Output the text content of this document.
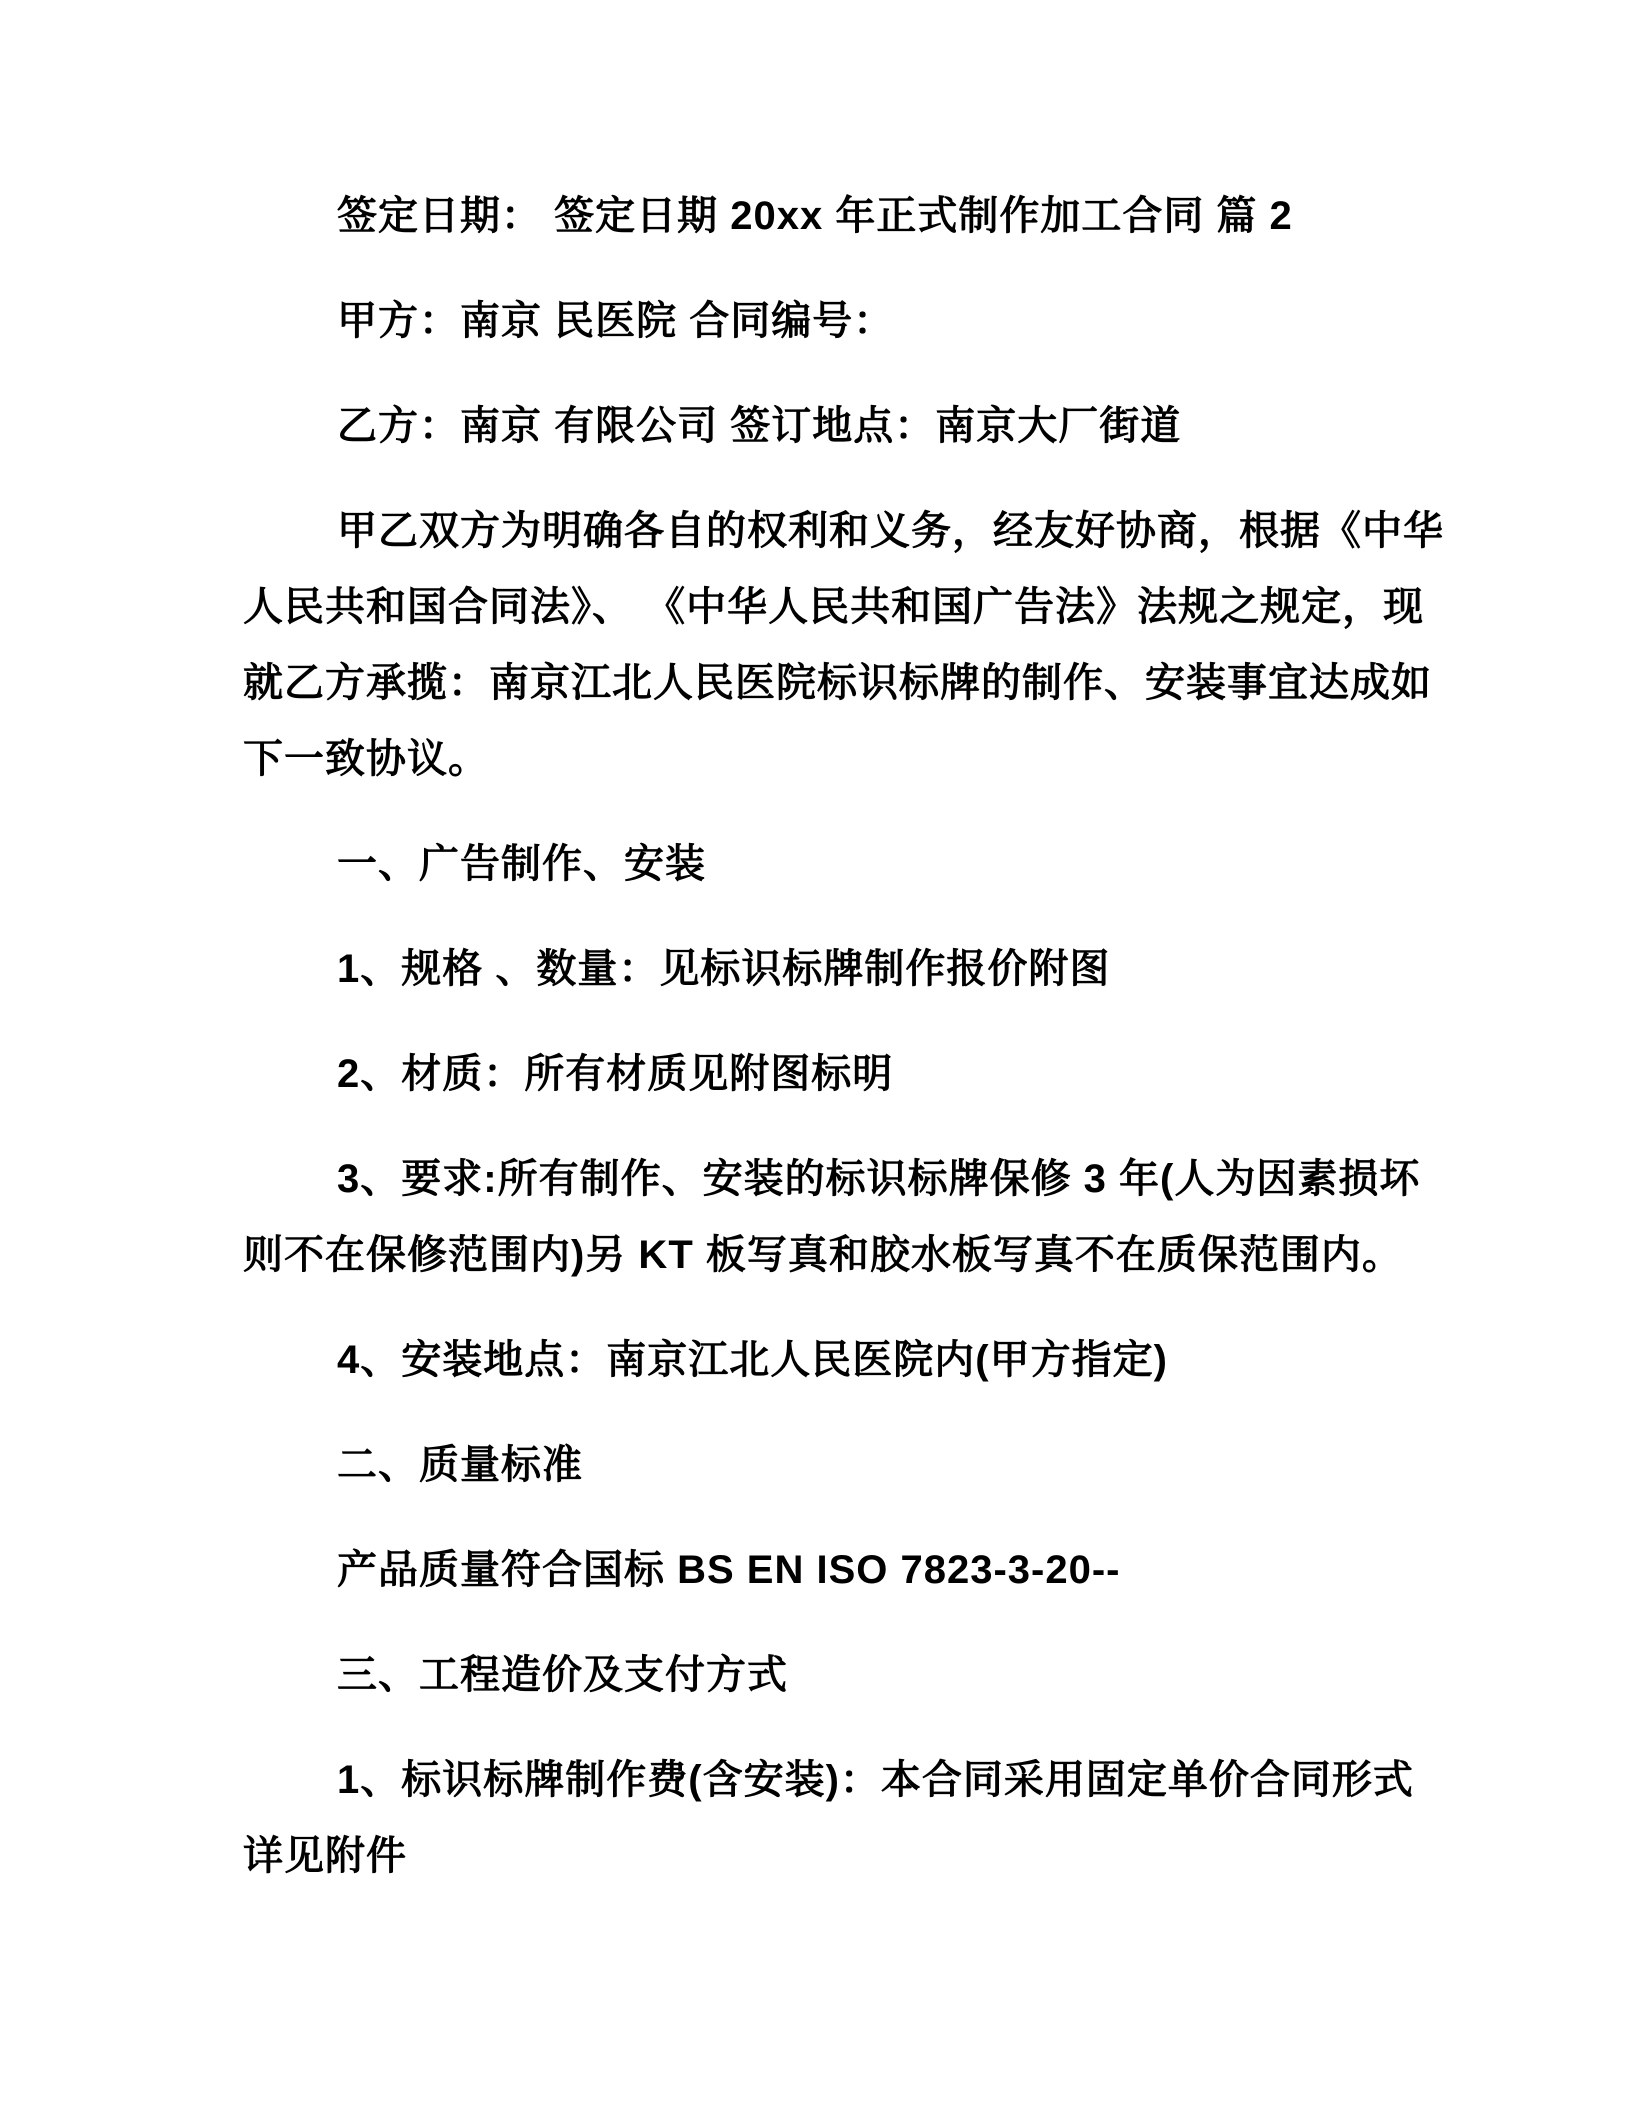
签定日期： 签定日期 20xx 年正式制作加工合同 篇 2

甲方：南京 民医院 合同编号：

乙方：南京 有限公司 签订地点：南京大厂街道

甲乙双方为明确各自的权利和义务，经友好协商，根据《中华人民共和国合同法》、 《中华人民共和国广告法》法规之规定，现就乙方承揽：南京江北人民医院标识标牌的制作、安装事宜达成如下一致协议。

一、广告制作、安装

1、规格 、数量：见标识标牌制作报价附图

2、材质：所有材质见附图标明

3、要求:所有制作、安装的标识标牌保修 3 年(人为因素损坏则不在保修范围内)另 KT 板写真和胶水板写真不在质保范围内。

4、安装地点：南京江北人民医院内(甲方指定)

二、质量标准

产品质量符合国标 BS EN ISO 7823-3-20--

三、工程造价及支付方式

1、标识标牌制作费(含安装)：本合同采用固定单价合同形式详见附件
